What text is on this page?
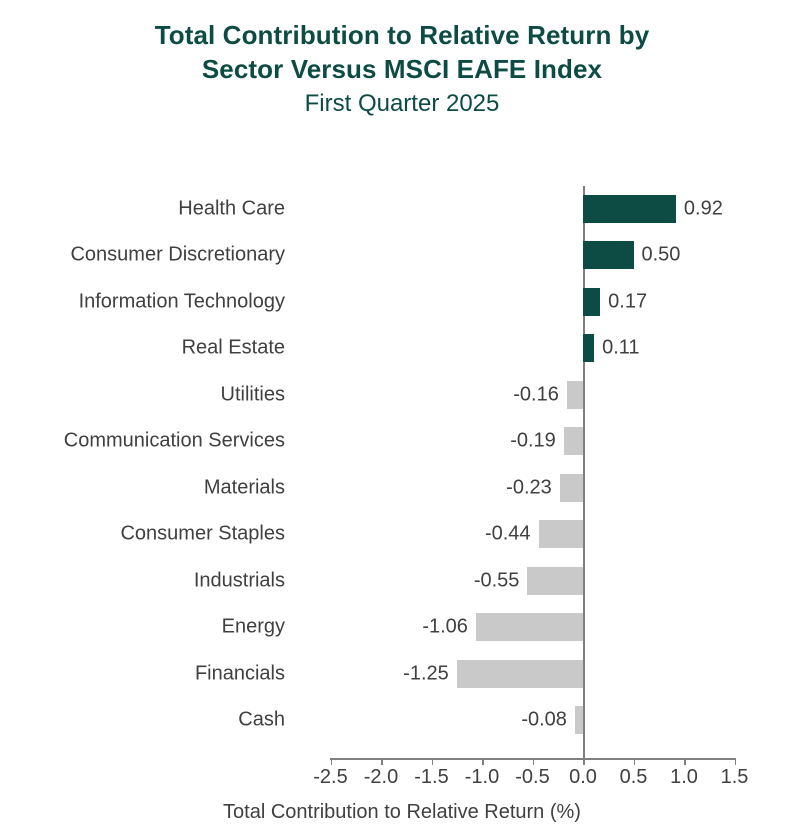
Total Contribution to Relative Return by
Sector Versus MSCI EAFE Index
First Quarter 2025
Health Care	0.92
Consumer Discretionary	0.50
Information Technology	0.17
Real Estate	0.11
Utilities	-0.16
Communication Services	-0.19
Materials	-0.23
Consumer Staples	-0.44
Industrials	-0.55
Energy	-1.06
Financials	-1.25
Cash	-0.08
-2.5 -2.0 -1.5 -1.0 -0.5 0.0 0.5 1.0 1.5
Total Contribution to Relative Return (%)
